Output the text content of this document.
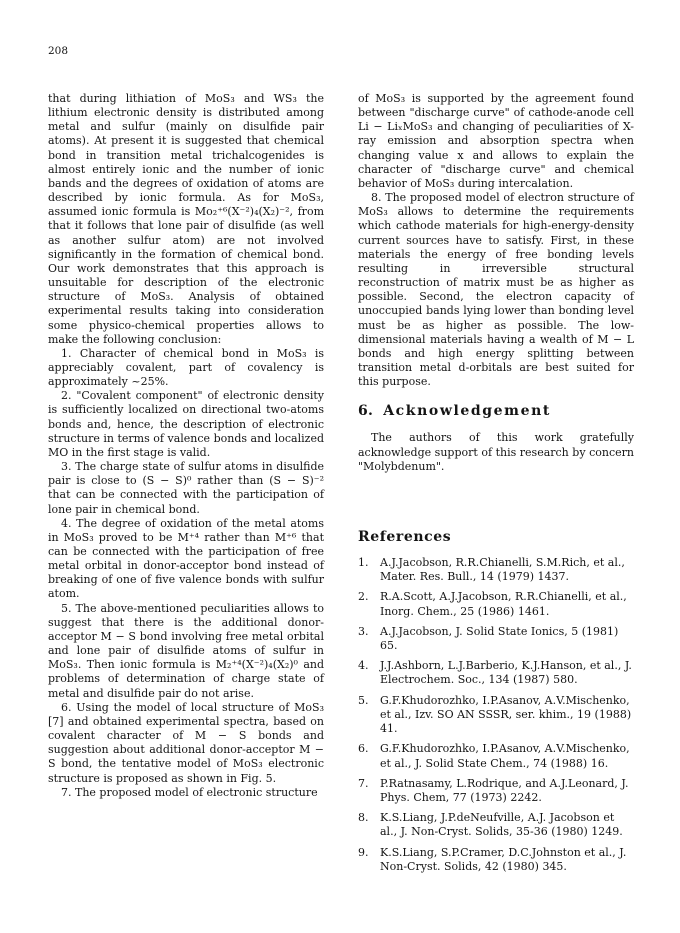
208

that during lithiation of MoS₃ and WS₃ the lithium electronic density is distributed among metal and sulfur (mainly on disulfide pair atoms). At present it is suggested that chemical bond in transition metal trichalcogenides is almost entirely ionic and the number of ionic bands and the degrees of oxidation of atoms are described by ionic formula. As for MoS₃, assumed ionic formula is Mo₂⁺⁶(X⁻²)₄(X₂)⁻², from that it follows that lone pair of disulfide (as well as another sulfur atom) are not involved significantly in the formation of chemical bond. Our work demonstrates that this approach is unsuitable for description of the electronic structure of MoS₃. Analysis of obtained experimental results taking into consideration some physico-chemical properties allows to make the following conclusion:

1. Character of chemical bond in MoS₃ is appreciably covalent, part of covalency is approximately ~25%.

2. "Covalent component" of electronic density is sufficiently localized on directional two-atoms bonds and, hence, the description of electronic structure in terms of valence bonds and localized MO in the first stage is valid.

3. The charge state of sulfur atoms in disulfide pair is close to (S − S)⁰ rather than (S − S)⁻² that can be connected with the participation of lone pair in chemical bond.

4. The degree of oxidation of the metal atoms in MoS₃ proved to be M⁺⁴ rather than M⁺⁶ that can be connected with the participation of free metal orbital in donor-acceptor bond instead of breaking of one of five valence bonds with sulfur atom.

5. The above-mentioned peculiarities allows to suggest that there is the additional donor-acceptor M − S bond involving free metal orbital and lone pair of disulfide atoms of sulfur in MoS₃. Then ionic formula is M₂⁺⁴(X⁻²)₄(X₂)⁰ and problems of determination of charge state of metal and disulfide pair do not arise.

6. Using the model of local structure of MoS₃ [7] and obtained experimental spectra, based on covalent character of M − S bonds and suggestion about additional donor-acceptor M − S bond, the tentative model of MoS₃ electronic structure is proposed as shown in Fig. 5.

7. The proposed model of electronic structure

of MoS₃ is supported by the agreement found between "discharge curve" of cathode-anode cell Li − LiₓMoS₃ and changing of peculiarities of X-ray emission and absorption spectra when changing value x and allows to explain the character of "discharge curve" and chemical behavior of MoS₃ during intercalation.

8. The proposed model of electron structure of MoS₃ allows to determine the requirements which cathode materials for high-energy-density current sources have to satisfy. First, in these materials the energy of free bonding levels resulting in irreversible structural reconstruction of matrix must be as higher as possible. Second, the electron capacity of unoccupied bands lying lower than bonding level must be as higher as possible. The low-dimensional materials having a wealth of M − L bonds and high energy splitting between transition metal d-orbitals are best suited for this purpose.

6. Acknowledgement

The authors of this work gratefully acknowledge support of this research by concern "Molybdenum".

References
1. A.J.Jacobson, R.R.Chianelli, S.M.Rich, et al., Mater. Res. Bull., 14 (1979) 1437.
2. R.A.Scott, A.J.Jacobson, R.R.Chianelli, et al., Inorg. Chem., 25 (1986) 1461.
3. A.J.Jacobson, J. Solid State Ionics, 5 (1981) 65.
4. J.J.Ashborn, L.J.Barberio, K.J.Hanson, et al., J. Electrochem. Soc., 134 (1987) 580.
5. G.F.Khudorozhko, I.P.Asanov, A.V.Mischenko, et al., Izv. SO AN SSSR, ser. khim., 19 (1988) 41.
6. G.F.Khudorozhko, I.P.Asanov, A.V.Mischenko, et al., J. Solid State Chem., 74 (1988) 16.
7. P.Ratnasamy, L.Rodrique, and A.J.Leonard, J. Phys. Chem, 77 (1973) 2242.
8. K.S.Liang, J.P.deNeufville, A.J. Jacobson et al., J. Non-Cryst. Solids, 35-36 (1980) 1249.
9. K.S.Liang, S.P.Cramer, D.C.Johnston et al., J. Non-Cryst. Solids, 42 (1980) 345.
